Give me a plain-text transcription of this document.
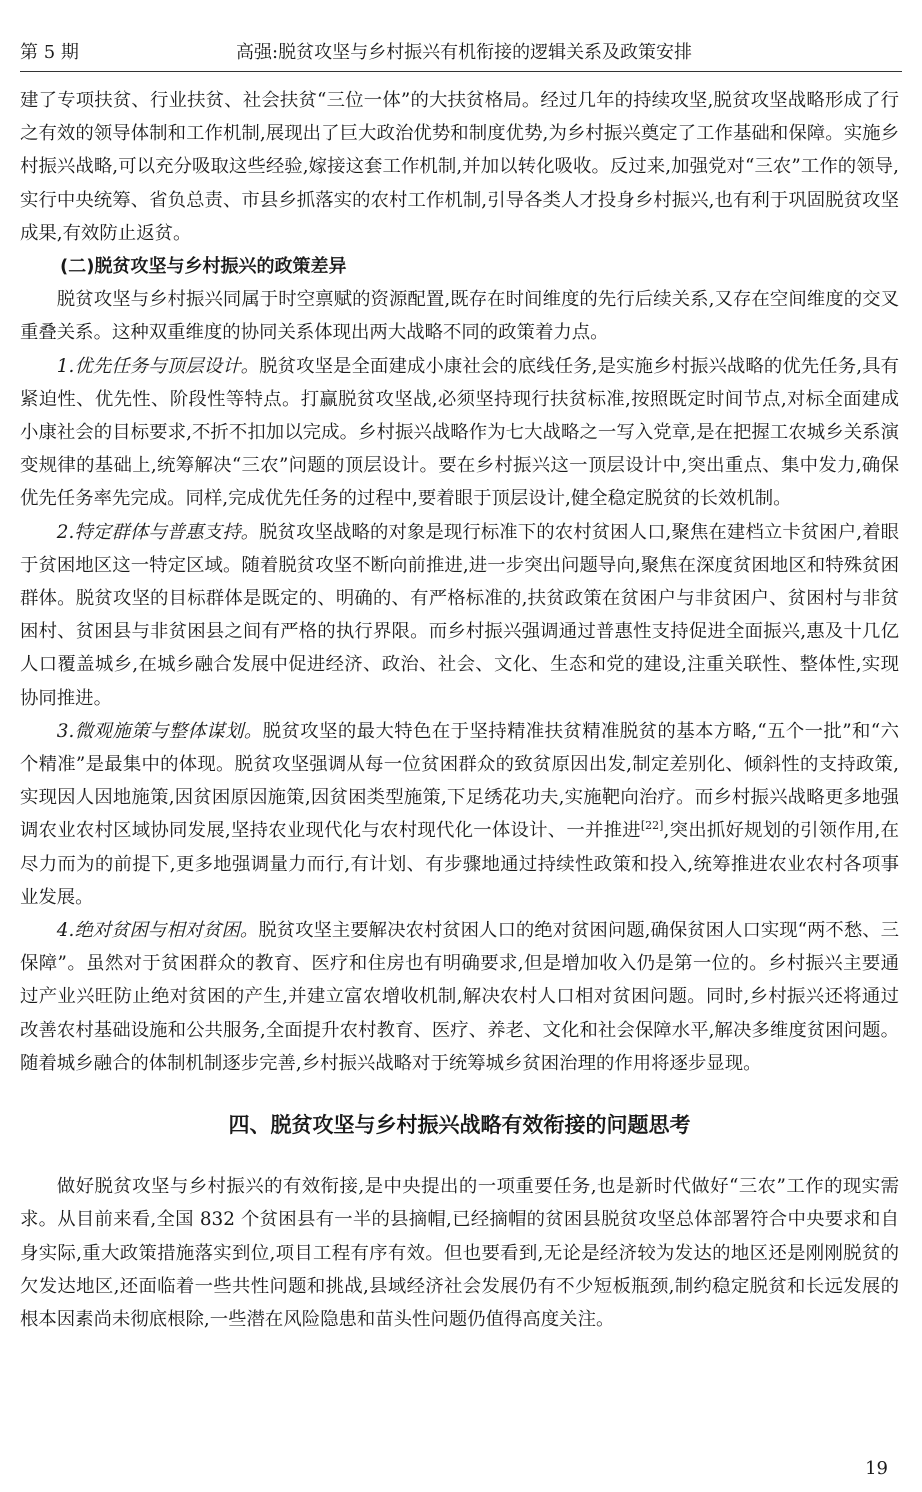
第 5 期	高强:脱贫攻坚与乡村振兴有机衔接的逻辑关系及政策安排

建了专项扶贫、行业扶贫、社会扶贫“三位一体”的大扶贫格局。经过几年的持续攻坚,脱贫攻坚战略形成了行之有效的领导体制和工作机制,展现出了巨大政治优势和制度优势,为乡村振兴奠定了工作基础和保障。实施乡村振兴战略,可以充分吸取这些经验,嫁接这套工作机制,并加以转化吸收。反过来,加强党对“三农”工作的领导,实行中央统筹、省负总责、市县乡抓落实的农村工作机制,引导各类人才投身乡村振兴,也有利于巩固脱贫攻坚成果,有效防止返贫。

(二)脱贫攻坚与乡村振兴的政策差异

脱贫攻坚与乡村振兴同属于时空禀赋的资源配置,既存在时间维度的先行后续关系,又存在空间维度的交叉重叠关系。这种双重维度的协同关系体现出两大战略不同的政策着力点。

1.优先任务与顶层设计。脱贫攻坚是全面建成小康社会的底线任务,是实施乡村振兴战略的优先任务,具有紧迫性、优先性、阶段性等特点。打赢脱贫攻坚战,必须坚持现行扶贫标准,按照既定时间节点,对标全面建成小康社会的目标要求,不折不扣加以完成。乡村振兴战略作为七大战略之一写入党章,是在把握工农城乡关系演变规律的基础上,统筹解决“三农”问题的顶层设计。要在乡村振兴这一顶层设计中,突出重点、集中发力,确保优先任务率先完成。同样,完成优先任务的过程中,要着眼于顶层设计,健全稳定脱贫的长效机制。

2.特定群体与普惠支持。脱贫攻坚战略的对象是现行标准下的农村贫困人口,聚焦在建档立卡贫困户,着眼于贫困地区这一特定区域。随着脱贫攻坚不断向前推进,进一步突出问题导向,聚焦在深度贫困地区和特殊贫困群体。脱贫攻坚的目标群体是既定的、明确的、有严格标准的,扶贫政策在贫困户与非贫困户、贫困村与非贫困村、贫困县与非贫困县之间有严格的执行界限。而乡村振兴强调通过普惠性支持促进全面振兴,惠及十几亿人口覆盖城乡,在城乡融合发展中促进经济、政治、社会、文化、生态和党的建设,注重关联性、整体性,实现协同推进。

3.微观施策与整体谋划。脱贫攻坚的最大特色在于坚持精准扶贫精准脱贫的基本方略,“五个一批”和“六个精准”是最集中的体现。脱贫攻坚强调从每一位贫困群众的致贫原因出发,制定差别化、倾斜性的支持政策,实现因人因地施策,因贫困原因施策,因贫困类型施策,下足绣花功夫,实施靶向治疗。而乡村振兴战略更多地强调农业农村区域协同发展,坚持农业现代化与农村现代化一体设计、一并推进[22],突出抓好规划的引领作用,在尽力而为的前提下,更多地强调量力而行,有计划、有步骤地通过持续性政策和投入,统筹推进农业农村各项事业发展。

4.绝对贫困与相对贫困。脱贫攻坚主要解决农村贫困人口的绝对贫困问题,确保贫困人口实现“两不愁、三保障”。虽然对于贫困群众的教育、医疗和住房也有明确要求,但是增加收入仍是第一位的。乡村振兴主要通过产业兴旺防止绝对贫困的产生,并建立富农增收机制,解决农村人口相对贫困问题。同时,乡村振兴还将通过改善农村基础设施和公共服务,全面提升农村教育、医疗、养老、文化和社会保障水平,解决多维度贫困问题。随着城乡融合的体制机制逐步完善,乡村振兴战略对于统筹城乡贫困治理的作用将逐步显现。

四、脱贫攻坚与乡村振兴战略有效衔接的问题思考

做好脱贫攻坚与乡村振兴的有效衔接,是中央提出的一项重要任务,也是新时代做好“三农”工作的现实需求。从目前来看,全国 832 个贫困县有一半的县摘帽,已经摘帽的贫困县脱贫攻坚总体部署符合中央要求和自身实际,重大政策措施落实到位,项目工程有序有效。但也要看到,无论是经济较为发达的地区还是刚刚脱贫的欠发达地区,还面临着一些共性问题和挑战,县域经济社会发展仍有不少短板瓶颈,制约稳定脱贫和长远发展的根本因素尚未彻底根除,一些潜在风险隐患和苗头性问题仍值得高度关注。

19
